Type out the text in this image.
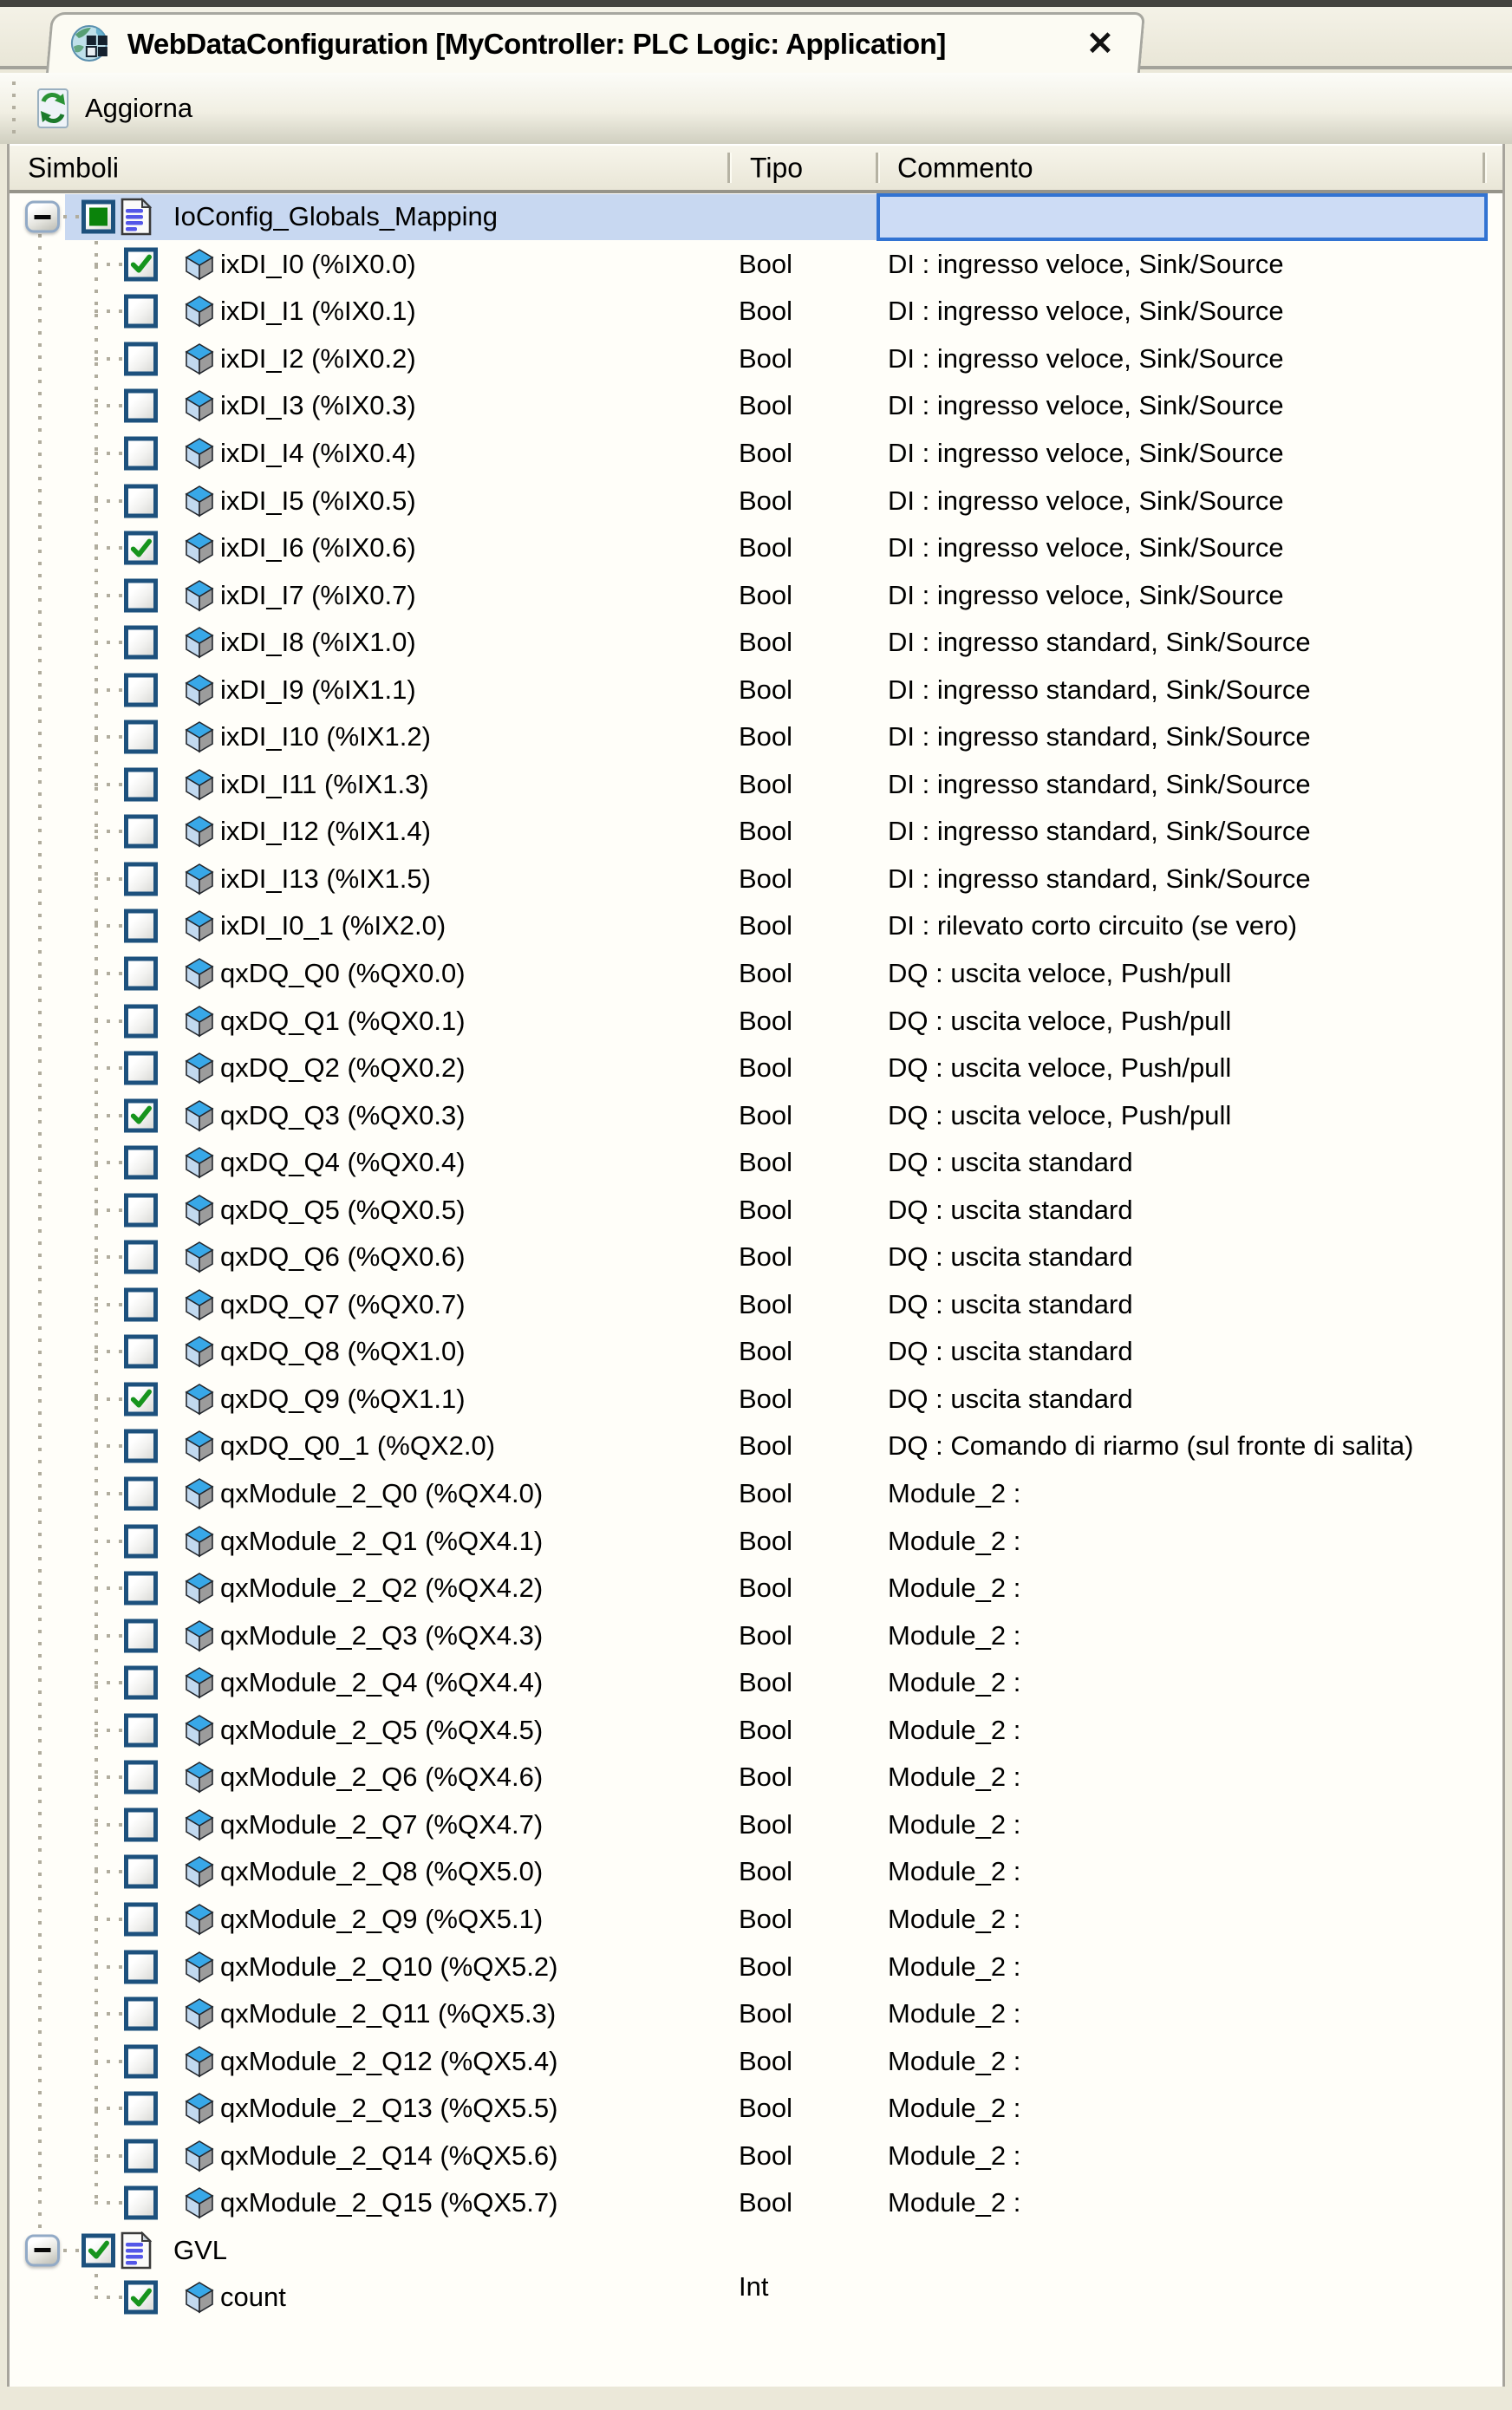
WebDataConfiguration [MyController: PLC Logic: Application]	✕
Aggiorna
Simboli	Tipo	Commento
IoConfig_Globals_Mapping
ixDI_I0 (%IX0.0)	Bool	DI : ingresso veloce, Sink/Source
ixDI_I1 (%IX0.1)	Bool	DI : ingresso veloce, Sink/Source
ixDI_I2 (%IX0.2)	Bool	DI : ingresso veloce, Sink/Source
ixDI_I3 (%IX0.3)	Bool	DI : ingresso veloce, Sink/Source
ixDI_I4 (%IX0.4)	Bool	DI : ingresso veloce, Sink/Source
ixDI_I5 (%IX0.5)	Bool	DI : ingresso veloce, Sink/Source
ixDI_I6 (%IX0.6)	Bool	DI : ingresso veloce, Sink/Source
ixDI_I7 (%IX0.7)	Bool	DI : ingresso veloce, Sink/Source
ixDI_I8 (%IX1.0)	Bool	DI : ingresso standard, Sink/Source
ixDI_I9 (%IX1.1)	Bool	DI : ingresso standard, Sink/Source
ixDI_I10 (%IX1.2)	Bool	DI : ingresso standard, Sink/Source
ixDI_I11 (%IX1.3)	Bool	DI : ingresso standard, Sink/Source
ixDI_I12 (%IX1.4)	Bool	DI : ingresso standard, Sink/Source
ixDI_I13 (%IX1.5)	Bool	DI : ingresso standard, Sink/Source
ixDI_I0_1 (%IX2.0)	Bool	DI : rilevato corto circuito (se vero)
qxDQ_Q0 (%QX0.0)	Bool	DQ : uscita veloce, Push/pull
qxDQ_Q1 (%QX0.1)	Bool	DQ : uscita veloce, Push/pull
qxDQ_Q2 (%QX0.2)	Bool	DQ : uscita veloce, Push/pull
qxDQ_Q3 (%QX0.3)	Bool	DQ : uscita veloce, Push/pull
qxDQ_Q4 (%QX0.4)	Bool	DQ : uscita standard
qxDQ_Q5 (%QX0.5)	Bool	DQ : uscita standard
qxDQ_Q6 (%QX0.6)	Bool	DQ : uscita standard
qxDQ_Q7 (%QX0.7)	Bool	DQ : uscita standard
qxDQ_Q8 (%QX1.0)	Bool	DQ : uscita standard
qxDQ_Q9 (%QX1.1)	Bool	DQ : uscita standard
qxDQ_Q0_1 (%QX2.0)	Bool	DQ : Comando di riarmo (sul fronte di salita)
qxModule_2_Q0 (%QX4.0)	Bool	Module_2 :
qxModule_2_Q1 (%QX4.1)	Bool	Module_2 :
qxModule_2_Q2 (%QX4.2)	Bool	Module_2 :
qxModule_2_Q3 (%QX4.3)	Bool	Module_2 :
qxModule_2_Q4 (%QX4.4)	Bool	Module_2 :
qxModule_2_Q5 (%QX4.5)	Bool	Module_2 :
qxModule_2_Q6 (%QX4.6)	Bool	Module_2 :
qxModule_2_Q7 (%QX4.7)	Bool	Module_2 :
qxModule_2_Q8 (%QX5.0)	Bool	Module_2 :
qxModule_2_Q9 (%QX5.1)	Bool	Module_2 :
qxModule_2_Q10 (%QX5.2)	Bool	Module_2 :
qxModule_2_Q11 (%QX5.3)	Bool	Module_2 :
qxModule_2_Q12 (%QX5.4)	Bool	Module_2 :
qxModule_2_Q13 (%QX5.5)	Bool	Module_2 :
qxModule_2_Q14 (%QX5.6)	Bool	Module_2 :
qxModule_2_Q15 (%QX5.7)	Bool	Module_2 :
GVL
count	Int
